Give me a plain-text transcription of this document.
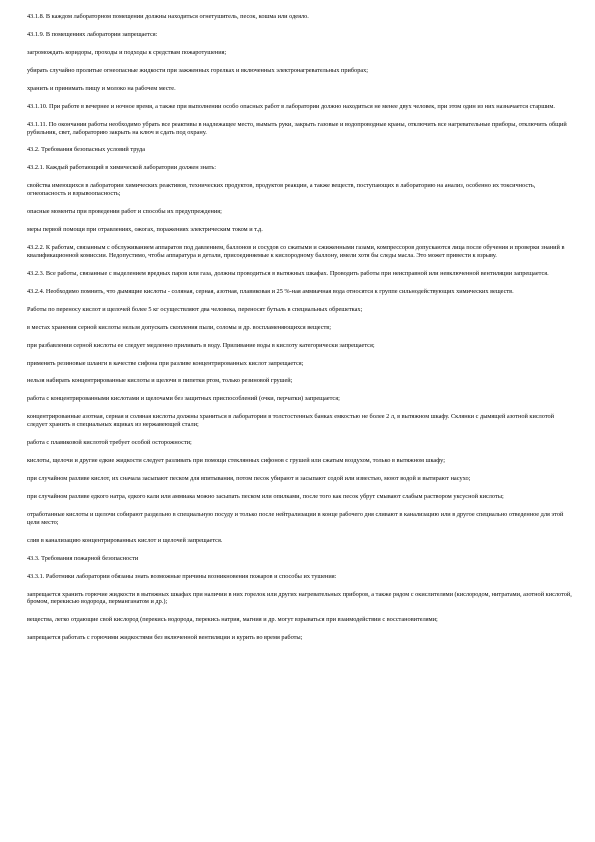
43.1.8. В каждом лабораторном помещении должны находиться огнетушитель, песок, кошма или одеяло.

43.1.9. В помещениях лаборатории запрещается:

загромождать коридоры, проходы и подходы к средствам пожаротушения;

убирать случайно пролитые огнеопасные жидкости при зажженных горелках и включенных электронагревательных приборах;

хранить и принимать пищу и молоко на рабочем месте.

43.1.10. При работе в вечернее и ночное время, а также при выполнении особо опасных работ в лаборатории должно находиться не менее двух человек, при этом один из них назначается старшим.

43.1.11. По окончании работы необходимо убрать все реактивы в надлежащее место, вымыть руки, закрыть газовые и водопроводные краны, отключить все нагревательные приборы, отключить общий рубильник, свет, лабораторию закрыть на ключ и сдать под охрану.

43.2. Требования безопасных условий труда

43.2.1. Каждый работающий в химической лаборатории должен знать:

свойства имеющихся в лаборатории химических реактивов, технических продуктов, продуктов реакции, а также веществ, поступающих в лабораторию на анализ, особенно их токсичность, огнеопасность и взрывоопасность;

опасные моменты при проведении работ и способы их предупреждения;

меры первой помощи при отравлениях, ожогах, поражениях электрическим током и т.д.

43.2.2. К работам, связанным с обслуживанием аппаратов под давлением, баллонов и сосудов со сжатыми и сжиженными газами, компрессоров допускаются лица после обучения и проверки знаний в квалификационной комиссии. Недопустимо, чтобы аппаратура и детали, присоединяемые к кислородному баллону, имели хотя бы следы масла. Это может привести к взрыву.

43.2.3. Все работы, связанные с выделением вредных паров или газа, должны проводиться в вытяжных шкафах. Проводить работы при неисправной или невключенной вентиляции запрещается.

43.2.4. Необходимо помнить, что дымящие кислоты - соляная, серная, азотная, плавиковая и 25 %-ная аммиачная вода относятся к группе сильнодействующих химических веществ.

Работы по переносу кислот и щелочей более 5 кг осуществляют два человека, переносят бутыль в специальных обрешетках;

в местах хранения серной кислоты нельзя допускать скопления пыли, соломы и др. воспламеняющихся веществ;

при разбавлении серной кислоты ее следует медленно приливать в воду. Приливание воды в кислоту категорически запрещается;

применять резиновые шланги в качестве сифона при разливе концентрированных кислот запрещается;

нельзя набирать концентрированные кислоты и щелочи в пипетки ртом, только резиновой грушей;

работа с концентрированными кислотами и щелочами без защитных приспособлений (очки, перчатки) запрещается;

концентрированные азотная, серная и соляная кислоты должны храниться в лаборатории в толстостенных банках емкостью не более 2 л, в вытяжном шкафу. Склянки с дымящей азотной кислотой следует хранить в специальных ящиках из нержавеющей стали;

работа с плавиковой кислотой требует особой осторожности;

кислоты, щелочи и другие едкие жидкости следует разливать при помощи стеклянных сифонов с грушей или сжатым воздухом, только в вытяжном шкафу;

при случайном разливе кислот, их сначала засыпают песком для впитывания, потом песок убирают и засыпают содой или известью, моют водой и вытирают насухо;

при случайном разливе едкого натра, едкого кали или аммиака можно засыпать песком или опилками, после того как песок убрут смывают слабым раствором уксусной кислоты;

отработанные кислоты и щелочи собирают раздельно в специальную посуду и только после нейтрализации в конце рабочего дня сливают в канализацию или в другое специально отведенное для этой цели место;

слив в канализацию концентрированных кислот и щелочей запрещается.

43.3. Требования пожарной безопасности

43.3.1. Работники лаборатории обязаны знать возможные причины возникновения пожаров и способы их тушения:

запрещается хранить горючие жидкости в вытяжных шкафах при наличии в них горелок или других нагревательных приборов, а также рядом с окислителями (кислородом, нитратами, азотной кислотой, бромом, перекисью водорода, перманганатом и др.);

вещества, легко отдающие свой кислород (перекись водорода, перекись натрия, магния и др. могут взрываться при взаимодействии с восстановителями;

запрещается работать с горючими жидкостями без включенной вентиляции и курить во время работы;
